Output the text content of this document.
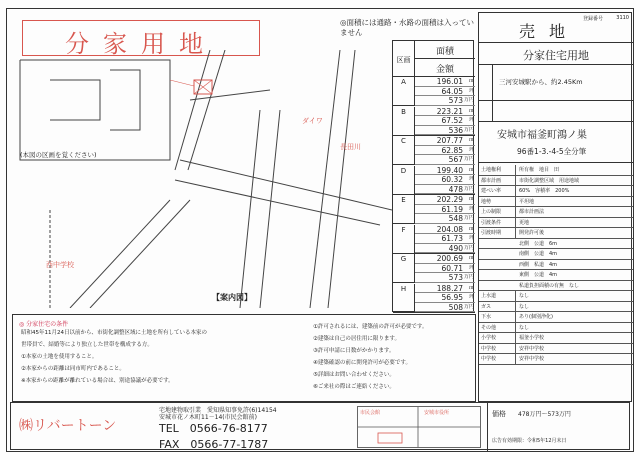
分家用地
◎面積には通路・水路の面積は入っていません
長田川
ダイワ
西中学校
(本図の区画を覚ください)
【案内図】
区画
面積
金額
A	196.01 ㎡
64.05 坪
573 万円
B	223.21 ㎡
67.52 坪
536 万円
C	207.77 ㎡
62.85 坪
567 万円
D	199.40 ㎡
60.32 坪
478 万円
E	202.29 ㎡
61.19 坪
548 万円
F	204.08 ㎡
61.73 坪
490 万円
G	200.69 ㎡
60.71 坪
573 万円
H	188.27 ㎡
56.95 坪
508 万円
売地
3110
登録番号
分家住宅用地
三河安城駅から、約2.45Km
安城市福釜町鴻ノ巣
96番1-3.-4-5全分筆
土地権利	所有権　地目　田
都市計画	市街化調整区域　用途地域
建ぺい率	60%　容積率　200%
地勢	平坦地
上の制限	都市計画法
引渡条件	更地
引渡時期	開発許可後
北側　公道　6m
南側　公道　4m
西側　私道　4m
東側　公道　4m
私道負担面積の有無　なし
上水道	なし
ガス	なし
下水	あり(個別浄化)
その他	なし
小学校	福釜小学校
中学校	安祥中学校
中学校	安祥中学校
◎ 分家住宅の条件
昭和45年11月24日以前から、市街化調整区域に土地を所有している本家の
世帯員で、結婚等により独立した世帯を構成する方。
①本家の土地を使用すること。
②本家からの距離は同市町内であること。
※本家からの距離が離れている場合は、別途協議が必要です。
①許可されるには、建築前の許可が必要です。
②建築は自己の居住用に限ります。
③許可申請に日数がかかります。
④建築確認の前に開発許可が必要です。
⑤詳細はお問い合わせください。
⑥ご来社の際はご連絡ください。
㈱リバートーン
宅地建物取引業　愛知県知事免許(6)14154
安城市花ノ木町11－14(市民会館前)
TEL　0566-76-8177
FAX　0566-77-1787
市民会館	安城市役所	価格 478万円～573万円
広告有効期限：令和5年12月末日
